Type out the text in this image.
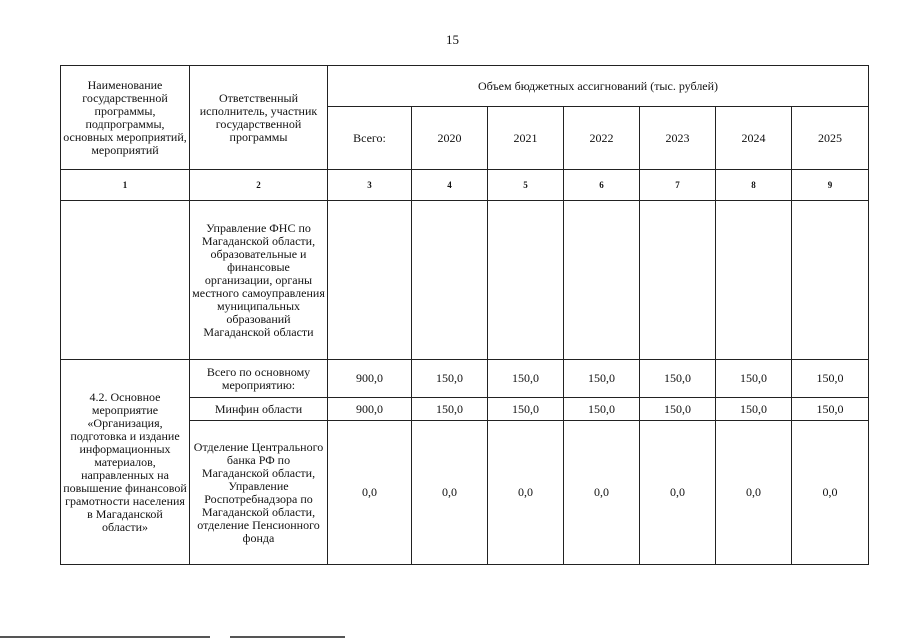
15
Наименование государственной программы, подпрограммы, основных мероприятий, мероприятий	Ответственный исполнитель, участник государственной программы	Объем бюджетных ассигнований (тыс. рублей)						
		Всего:	2020	2021	2022	2023	2024	2025
1	2	3	4	5	6	7	8	9
	Управление ФНС по Магаданской области, образовательные и финансовые организации, органы местного самоуправления муниципальных образований Магаданской области							
4.2. Основное мероприятие «Организация, подготовка и издание информационных материалов, направленных на повышение финансовой грамотности населения в Магаданской области»	Всего по основному мероприятию:	900,0	150,0	150,0	150,0	150,0	150,0	150,0
	Минфин области	900,0	150,0	150,0	150,0	150,0	150,0	150,0
	Отделение Центрального банка РФ по Магаданской области, Управление Роспотребнадзора по Магаданской области, отделение Пенсионного фонда	0,0	0,0	0,0	0,0	0,0	0,0	0,0
